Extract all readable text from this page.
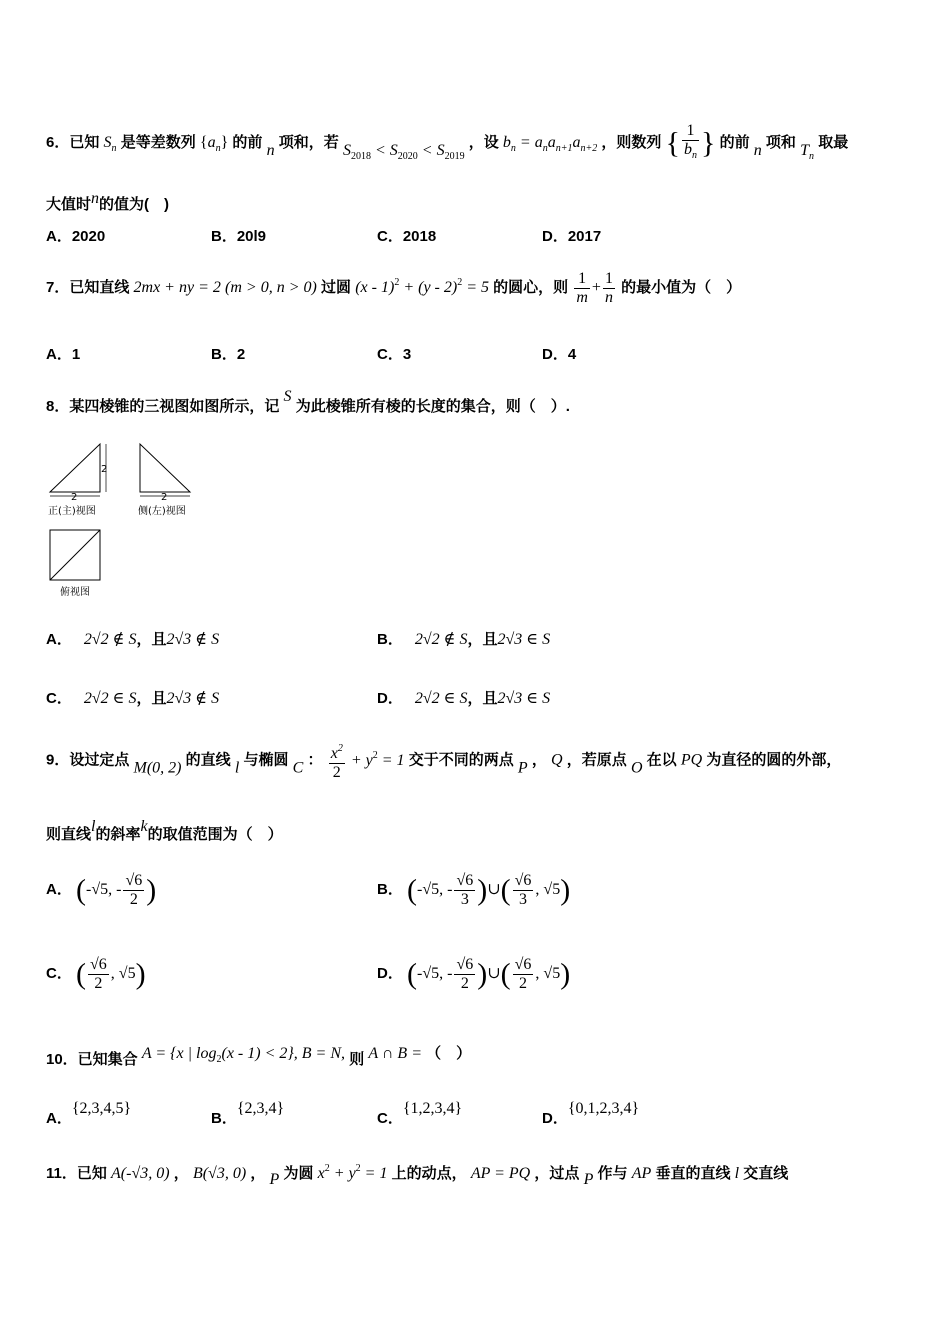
6．已知 $S_n$ 是等差数列 $\{a_n\}$ 的前 n 项和，若 $S_{2018} < S_{2020} < S_{2019}$ ，设 $b_n = a_na_{n+1}a_{n+2}$ ，则数列 { $\frac{1}{b_n}$ } 的前 n 项和 $T_n$ 取最
大值时n的值为(　)
A．2020	B．20l9	C．2018	D．2017
7．已知直线 2mx + ny = 2 (m > 0, n > 0) 过圆 (x - 1)$^2$ + (y - 2)$^2$ = 5 的圆心，则 $\frac{1}{m} + \frac{1}{n}$ 的最小值为（　）
A．1	B．2	C．3	D．4
8．某四棱锥的三视图如图所示，记 S 为此棱锥所有棱的长度的集合，则（　）.
2
2
正(主)视图
2
侧(左)视图
俯视图
A． 2√2 ∉ S，且2√3 ∉ S	B． 2√2 ∉ S，且2√3 ∈ S
C． 2√2 ∈ S，且2√3 ∉ S	D． 2√2 ∈ S，且2√3 ∈ S
9．设过定点 M(0, 2) 的直线 l 与椭圆 C ： $\frac{x^2}{2} + y^2 = 1$ 交于不同的两点 P ， Q ，若原点 O 在以 PQ 为直径的圆的外部，
则直线l的斜率k的取值范围为（　）
A． (-√5, - $\frac{√6}{2}$ )	B． (-√5, - $\frac{√6}{3}$ )∪( $\frac{√6}{3}$ , √5)
C． ( $\frac{√6}{2}$ , √5)	D． (-√5, - $\frac{√6}{2}$ )∪( $\frac{√6}{2}$ , √5)
10．已知集合 A = {x | $\log_2(x - 1) < 2$}, B = N, 则 A ∩ B = （　）
A．{2,3,4,5}
B．{2,3,4}
C．{1,2,3,4}
D．{0,1,2,3,4}
11．已知 A(-√3, 0) ， B(√3, 0) ， P 为圆 $x^2 + y^2 = 1$ 上的动点， AP = PQ ，过点 P 作与 AP 垂直的直线 l 交直线
